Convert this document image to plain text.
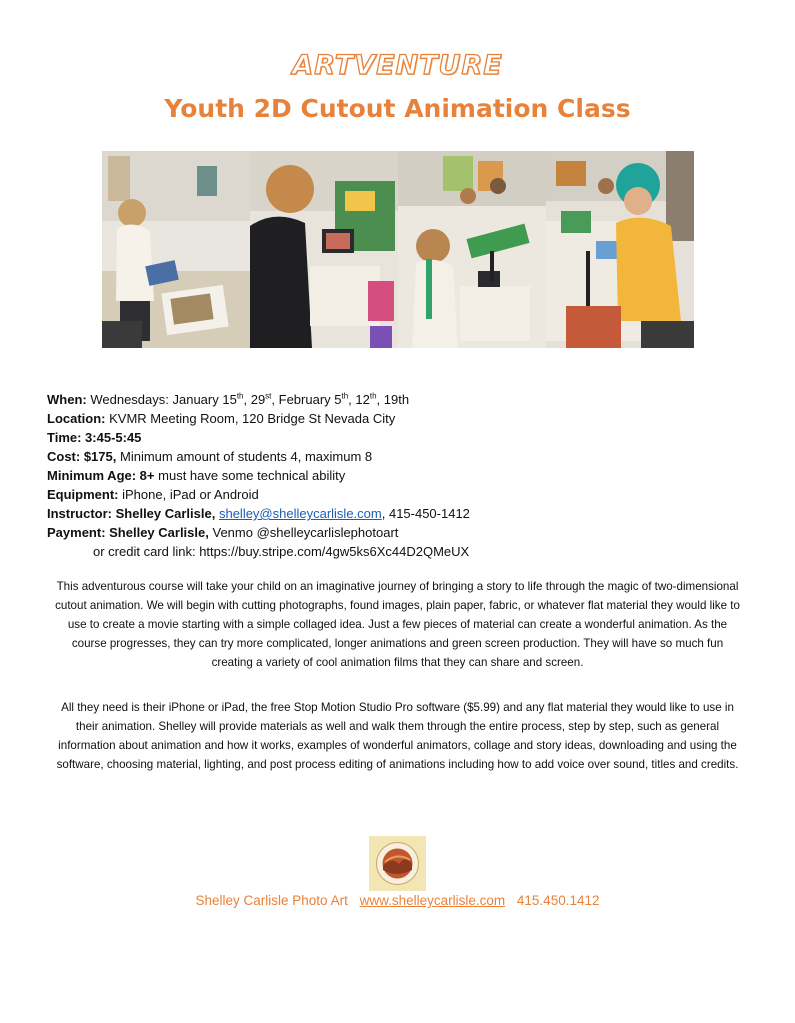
ARTVENTURE
Youth 2D Cutout Animation Class
When: Wednesdays: January 15th, 29st, February 5th, 12th, 19th
Location: KVMR Meeting Room, 120 Bridge St Nevada City
Time: 3:45-5:45
Cost: $175, Minimum amount of students 4, maximum 8
Minimum Age: 8+ must have some technical ability
Equipment: iPhone, iPad or Android
Instructor: Shelley Carlisle, shelley@shelleycarlisle.com, 415-450-1412
Payment: Shelley Carlisle, Venmo @shelleycarlislephotoart
or credit card link: https://buy.stripe.com/4gw5ks6Xc44D2QMeUX

This adventurous course will take your child on an imaginative journey of bringing a story to life through the magic of two-dimensional cutout animation. We will begin with cutting photographs, found images, plain paper, fabric, or whatever flat material they would like to use to create a movie starting with a simple collaged idea. Just a few pieces of material can create a wonderful animation. As the course progresses, they can try more complicated, longer animations and green screen production. They will have so much fun creating a variety of cool animation films that they can share and screen.

All they need is their iPhone or iPad, the free Stop Motion Studio Pro software ($5.99) and any flat material they would like to use in their animation. Shelley will provide materials as well and walk them through the entire process, step by step, such as general information about animation and how it works, examples of wonderful animators, collage and story ideas, downloading and using the software, choosing material, lighting, and post process editing of animations including how to add voice over sound, titles and credits.

Shelley Carlisle Photo Art www.shelleycarlisle.com 415.450.1412
